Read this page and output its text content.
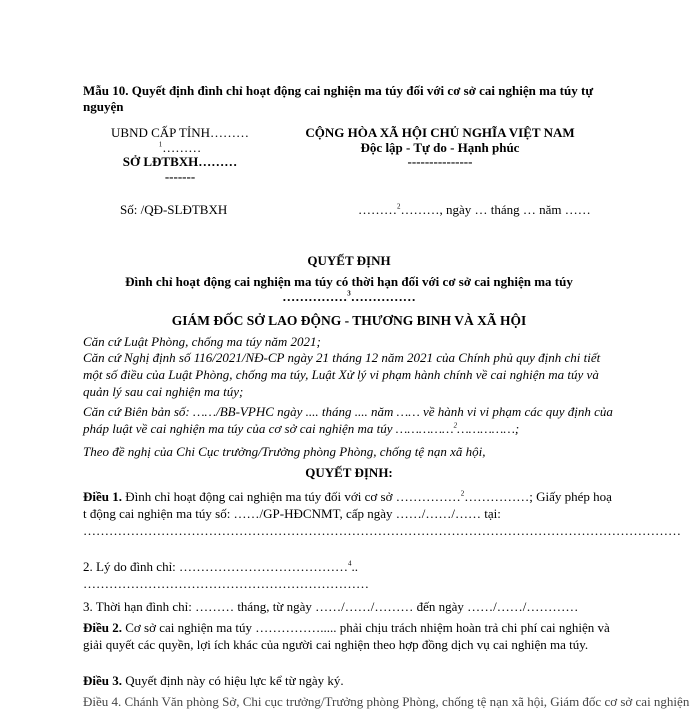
Mẫu 10. Quyết định đình chỉ hoạt động cai nghiện ma túy đối với cơ sở cai nghiện ma túy tự nguyện
UBND CẤP TỈNH………
$^1$………
SỞ LĐTBXH………
-------
CỘNG HÒA XÃ HỘI CHỦ NGHĨA VIỆT NAM
Độc lập - Tự do - Hạnh phúc
---------------
Số: /QĐ-SLĐTBXH	………$^2$………, ngày … tháng … năm ……
QUYẾT ĐỊNH
Đình chỉ hoạt động cai nghiện ma túy có thời hạn đối với cơ sở cai nghiện ma túy
……………$^3$……………
GIÁM ĐỐC SỞ LAO ĐỘNG - THƯƠNG BINH VÀ XÃ HỘI
Căn cứ Luật Phòng, chống ma túy năm 2021;
Căn cứ Nghị định số 116/2021/NĐ-CP ngày 21 tháng 12 năm 2021 của Chính phủ quy định chi tiết một số điều của Luật Phòng, chống ma túy, Luật Xử lý vi phạm hành chính về cai nghiện ma túy và quản lý sau cai nghiện ma túy;
Căn cứ Biên bản số: ……/BB-VPHC ngày .... tháng .... năm …… về hành vi vi phạm các quy định của pháp luật về cai nghiện ma túy của cơ sở cai nghiện ma túy ……………$^2$……………;
Theo đề nghị của Chi Cục trưởng/Trưởng phòng Phòng, chống tệ nạn xã hội,
QUYẾT ĐỊNH:
Điều 1. Đình chỉ hoạt động cai nghiện ma túy đối với cơ sở ……………$^2$……………; Giấy phép hoạt động cai nghiện ma túy số: ……/GP-HĐCNMT, cấp ngày ……/……/…… tại: …………………………………………………………………………………………………………………………
2. Lý do đình chỉ: …………………………………$^4$.. …………………………………………………………
3. Thời hạn đình chỉ: ……… tháng, từ ngày ……/……/……… đến ngày ……/……/…………
Điều 2. Cơ sở cai nghiện ma túy ……………..... phải chịu trách nhiệm hoàn trả chi phí cai nghiện và giải quyết các quyền, lợi ích khác của người cai nghiện theo hợp đồng dịch vụ cai nghiện ma túy.
Điều 3. Quyết định này có hiệu lực kể từ ngày ký.
Điều 4. Chánh Văn phòng Sở, Chi cục trưởng/Trưởng phòng Phòng, chống tệ nạn xã hội, Giám đốc cơ sở cai nghiện
